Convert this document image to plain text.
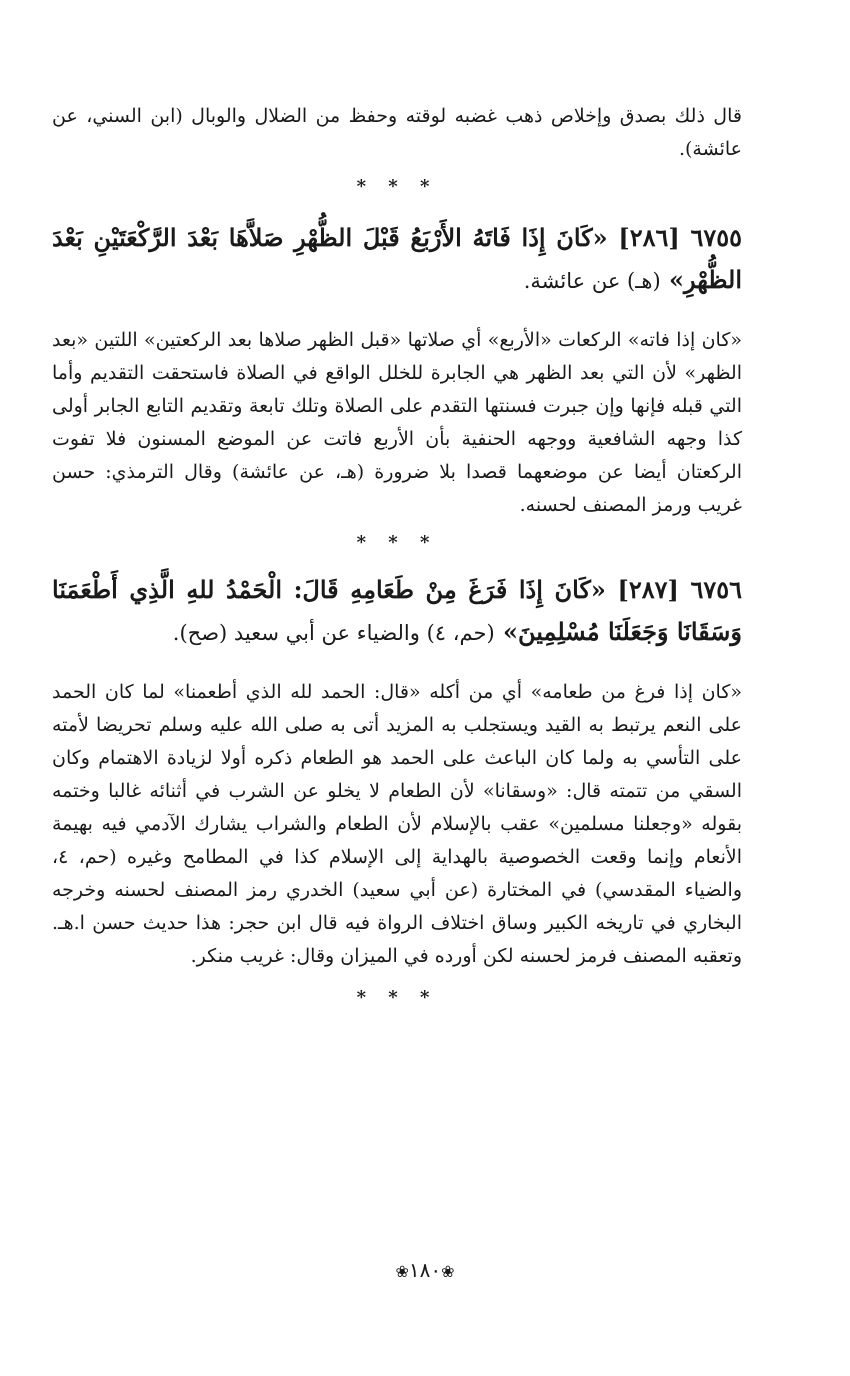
قال ذلك بصدق وإخلاص ذهب غضبه لوقته وحفظ من الضلال والوبال (ابن السني، عن عائشة).

* * *

٦٧٥٥ [٢٨٦] «كَانَ إِذَا فَاتَهُ الأَرْبَعُ قَبْلَ الظُّهْرِ صَلاَّهَا بَعْدَ الرَّكْعَتَيْنِ بَعْدَ الظُّهْرِ» (هـ) عن عائشة.

«كان إذا فاته» الركعات «الأربع» أي صلاتها «قبل الظهر صلاها بعد الركعتين» اللتين «بعد الظهر» لأن التي بعد الظهر هي الجابرة للخلل الواقع في الصلاة فاستحقت التقديم وأما التي قبله فإنها وإن جبرت فسنتها التقدم على الصلاة وتلك تابعة وتقديم التابع الجابر أولى كذا وجهه الشافعية ووجهه الحنفية بأن الأربع فاتت عن الموضع المسنون فلا تفوت الركعتان أيضا عن موضعهما قصدا بلا ضرورة (هـ، عن عائشة) وقال الترمذي: حسن غريب ورمز المصنف لحسنه.

* * *

٦٧٥٦ [٢٨٧] «كَانَ إِذَا فَرَغَ مِنْ طَعَامِهِ قَالَ: الْحَمْدُ للهِ الَّذِي أَطْعَمَنَا وَسَقَانَا وَجَعَلَنَا مُسْلِمِينَ» (حم، ٤) والضياء عن أبي سعيد (صح).

«كان إذا فرغ من طعامه» أي من أكله «قال: الحمد لله الذي أطعمنا» لما كان الحمد على النعم يرتبط به القيد ويستجلب به المزيد أتى به صلى الله عليه وسلم تحريضا لأمته على التأسي به ولما كان الباعث على الحمد هو الطعام ذكره أولا لزيادة الاهتمام وكان السقي من تتمته قال: «وسقانا» لأن الطعام لا يخلو عن الشرب في أثنائه غالبا وختمه بقوله «وجعلنا مسلمين» عقب بالإسلام لأن الطعام والشراب يشارك الآدمي فيه بهيمة الأنعام وإنما وقعت الخصوصية بالهداية إلى الإسلام كذا في المطامح وغيره (حم، ٤، والضياء المقدسي) في المختارة (عن أبي سعيد) الخدري رمز المصنف لحسنه وخرجه البخاري في تاريخه الكبير وساق اختلاف الرواة فيه قال ابن حجر: هذا حديث حسن ا.هـ. وتعقبه المصنف فرمز لحسنه لكن أورده في الميزان وقال: غريب منكر.

* * *

❀١٨٠❀
